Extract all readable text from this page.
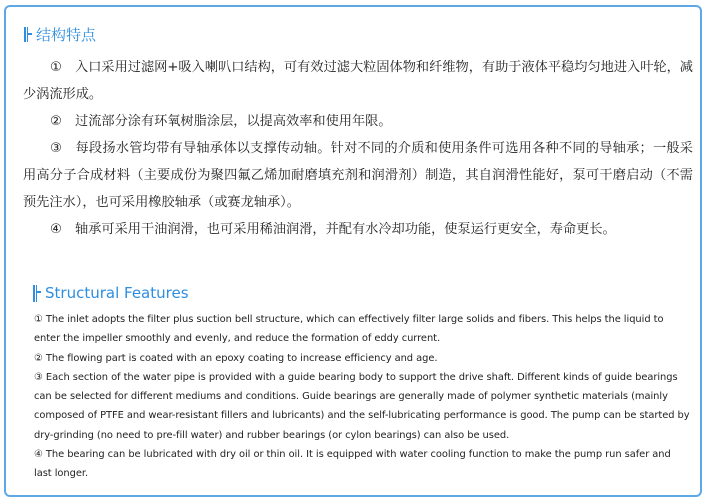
结构特点

①　入口采用过滤网+吸入喇叭口结构，可有效过滤大粒固体物和纤维物，有助于液体平稳均匀地进入叶轮，减少涡流形成。

②　过流部分涂有环氧树脂涂层，以提高效率和使用年限。

③　每段扬水管均带有导轴承体以支撑传动轴。针对不同的介质和使用条件可选用各种不同的导轴承；一般采用高分子合成材料（主要成份为聚四氟乙烯加耐磨填充剂和润滑剂）制造，其自润滑性能好，泵可干磨启动（不需预先注水），也可采用橡胶轴承（或赛龙轴承）。

④　轴承可采用干油润滑，也可采用稀油润滑，并配有水冷却功能，使泵运行更安全，寿命更长。

Structural Features

① The inlet adopts the filter plus suction bell structure, which can effectively filter large solids and fibers. This helps the liquid to enter the impeller smoothly and evenly, and reduce the formation of eddy current.

② The flowing part is coated with an epoxy coating to increase efficiency and age.

③ Each section of the water pipe is provided with a guide bearing body to support the drive shaft. Different kinds of guide bearings can be selected for different mediums and conditions. Guide bearings are generally made of polymer synthetic materials (mainly composed of PTFE and wear-resistant fillers and lubricants) and the self-lubricating performance is good. The pump can be started by dry-grinding (no need to pre-fill water) and rubber bearings (or cylon bearings) can also be used.

④ The bearing can be lubricated with dry oil or thin oil. It is equipped with water cooling function to make the pump run safer and last longer.
